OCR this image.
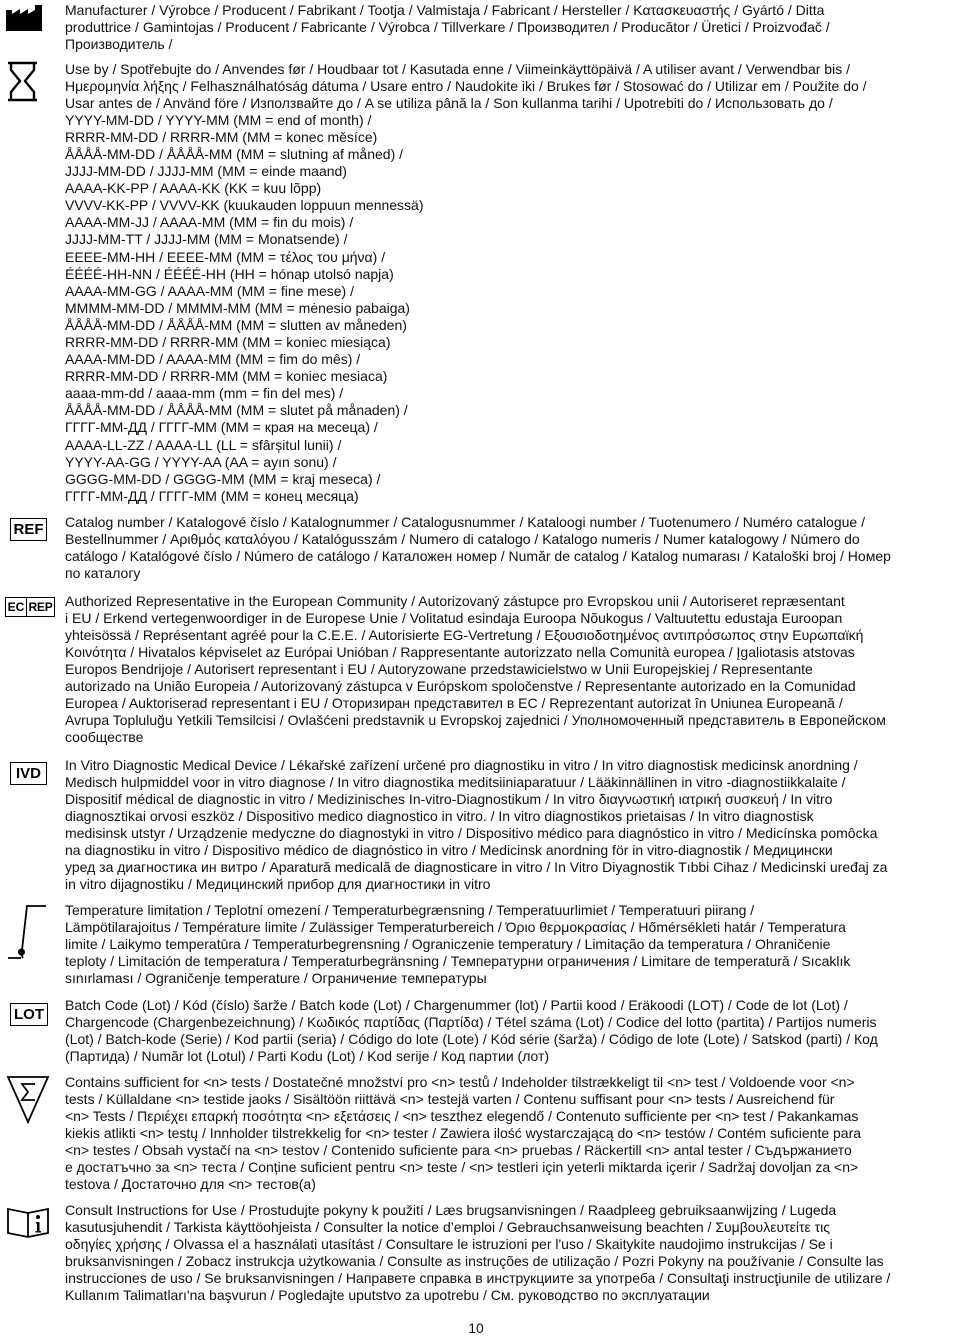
REF
EC REP
IVD
LOT
Manufacturer / Výrobce / Producent / Fabrikant / Tootja / Valmistaja / Fabricant / Hersteller / Κατασκευαστής / Gyártó / Ditta
produttrice / Gamintojas / Producent / Fabricante / Výrobca / Tillverkare / Производител / Producător / Üretici / Proizvođač /
Производитель /
Use by / Spotřebujte do / Anvendes før / Houdbaar tot / Kasutada enne / Viimeinkäyttöpäivä / A utiliser avant / Verwendbar bis /
Ημερομηνία λήξης / Felhasználhatóság dátuma / Usare entro / Naudokite iki / Brukes før / Stosować do / Utilizar em / Použite do /
Usar antes de / Använd före / Използвайте до / A se utiliza până la / Son kullanma tarihi / Upotrebiti do / Использовать до /
YYYY-MM-DD / YYYY-MM (MM = end of month) /
RRRR-MM-DD / RRRR-MM (MM = konec měsíce)
ÅÅÅÅ-MM-DD / ÅÅÅÅ-MM (MM = slutning af måned) /
JJJJ-MM-DD / JJJJ-MM (MM = einde maand)
AAAA-KK-PP / AAAA-KK (KK = kuu lõpp)
VVVV-KK-PP / VVVV-KK (kuukauden loppuun mennessä)
AAAA-MM-JJ / AAAA-MM (MM = fin du mois) /
JJJJ-MM-TT / JJJJ-MM (MM = Monatsende) /
EEEE-MM-HH / EEEE-MM (MM = τέλος του μήνα) /
ÉÉÉÉ-HH-NN / ÉÉÉÉ-HH (HH = hónap utolsó napja)
AAAA-MM-GG / AAAA-MM (MM = fine mese) /
MMMM-MM-DD / MMMM-MM (MM = mėnesio pabaiga)
ÅÅÅÅ-MM-DD / ÅÅÅÅ-MM (MM = slutten av måneden)
RRRR-MM-DD / RRRR-MM (MM = koniec miesiąca)
AAAA-MM-DD / AAAA-MM (MM = fim do mês) /
RRRR-MM-DD / RRRR-MM (MM = koniec mesiaca)
aaaa-mm-dd / aaaa-mm (mm = fin del mes) /
ÅÅÅÅ-MM-DD / ÅÅÅÅ-MM (MM = slutet på månaden) /
ГГГГ-ММ-ДД / ГГГГ-ММ (ММ = края на месеца) /
AAAA-LL-ZZ / AAAA-LL (LL = sfârșitul lunii) /
YYYY-AA-GG / YYYY-AA (AA = ayın sonu) /
GGGG-MM-DD / GGGG-MM (MM = kraj meseca) /
ГГГГ-ММ-ДД / ГГГГ-ММ (ММ = конец месяца)
Catalog number / Katalogové číslo / Katalognummer / Catalogusnummer / Kataloogi number / Tuotenumero / Numéro catalogue /
Bestellnummer / Αριθμός καταλόγου / Katalógusszám / Numero di catalogo / Katalogo numeris / Numer katalogowy / Número do
catálogo / Katalógové číslo / Número de catálogo / Каталожен номер / Număr de catalog / Katalog numarası / Kataloški broj / Номер
по каталогу
Authorized Representative in the European Community / Autorizovaný zástupce pro Evropskou unii / Autoriseret repræsentant
i EU / Erkend vertegenwoordiger in de Europese Unie / Volitatud esindaja Euroopa Nõukogus / Valtuutettu edustaja Euroopan
yhteisössä / Représentant agréé pour la C.E.E. / Autorisierte EG-Vertretung / Εξουσιοδοτημένος αντιπρόσωπος στην Ευρωπαϊκή
Κοινότητα / Hivatalos képviselet az Európai Unióban / Rappresentante autorizzato nella Comunità europea / Įgaliotasis atstovas
Europos Bendrijoje / Autorisert representant i EU / Autoryzowane przedstawicielstwo w Unii Europejskiej / Representante
autorizado na União Europeia / Autorizovaný zástupca v Európskom spoločenstve / Representante autorizado en la Comunidad
Europea / Auktoriserad representant i EU / Оторизиран представител в ЕС / Reprezentant autorizat în Uniunea Europeană /
Avrupa Topluluğu Yetkili Temsilcisi / Ovlašćeni predstavnik u Evropskoj zajednici / Уполномоченный представитель в Европейском
сообществе
In Vitro Diagnostic Medical Device / Lékařské zařízení určené pro diagnostiku in vitro / In vitro diagnostisk medicinsk anordning /
Medisch hulpmiddel voor in vitro diagnose / In vitro diagnostika meditsiiniaparatuur / Lääkinnällinen in vitro -diagnostiikkalaite /
Dispositif médical de diagnostic in vitro / Medizinisches In-vitro-Diagnostikum / In vitro διαγνωστική ιατρική συσκευή / In vitro
diagnosztikai orvosi eszköz / Dispositivo medico diagnostico in vitro. / In vitro diagnostikos prietaisas / In vitro diagnostisk
medisinsk utstyr / Urządzenie medyczne do diagnostyki in vitro / Dispositivo médico para diagnóstico in vitro / Medicínska pomôcka
na diagnostiku in vitro / Dispositivo médico de diagnóstico in vitro / Medicinsk anordning för in vitro-diagnostik / Медицински
уред за диагностика ин витро / Aparatură medicală de diagnosticare in vitro / In Vitro Diyagnostik Tıbbi Cihaz / Medicinski uređaj za
in vitro dijagnostiku / Медицинский прибор для диагностики in vitro
Temperature limitation / Teplotní omezení / Temperaturbegrænsning / Temperatuurlimiet / Temperatuuri piirang /
Lämpötilarajoitus / Température limite / Zulässiger Temperaturbereich / Όριο θερμοκρασίας / Hőmérsékleti határ / Temperatura
limite / Laikymo temperatūra / Temperaturbegrensning / Ograniczenie temperatury / Limitação da temperatura / Ohraničenie
teploty / Limitación de temperatura / Temperaturbegränsning / Температурни ограничения / Limitare de temperatură / Sıcaklık
sınırlaması / Ograničenje temperature / Ограничение температуры
Batch Code (Lot) / Kód (číslo) šarže / Batch kode (Lot) / Chargenummer (lot) / Partii kood / Eräkoodi (LOT) / Code de lot (Lot) /
Chargencode (Chargenbezeichnung) / Κωδικός παρτίδας (Παρτίδα) / Tétel száma (Lot) / Codice del lotto (partita) / Partijos numeris
(Lot) / Batch-kode (Serie) / Kod partii (seria) / Código do lote (Lote) / Kód série (šarža) / Código de lote (Lote) / Satskod (parti) / Код
(Партида) / Număr lot (Lotul) / Parti Kodu (Lot) / Kod serije / Код партии (лот)
Contains sufficient for <n> tests / Dostatečné množství pro <n> testů / Indeholder tilstrækkeligt til <n> test / Voldoende voor <n>
tests / Küllaldane <n> testide jaoks / Sisältöön riittävä <n> testejä varten / Contenu suffisant pour <n> tests / Ausreichend für
<n> Tests / Περιέχει επαρκή ποσότητα <n> εξετάσεις / <n> teszthez elegendő / Contenuto sufficiente per <n> test / Pakankamas
kiekis atlikti <n> testų / Innholder tilstrekkelig for <n> tester / Zawiera ilość wystarczającą do <n> testów / Contém suficiente para
<n> testes / Obsah vystačí na <n> testov / Contenido suficiente para <n> pruebas / Räckertill <n> antal tester / Съдържанието
е достатъчно за <n> теста / Conține suficient pentru <n> teste / <n> testleri için yeterli miktarda içerir / Sadržaj dovoljan za <n>
testova / Достаточно для <n> тестов(а)
Consult Instructions for Use / Prostudujte pokyny k použití / Læs brugsanvisningen / Raadpleeg gebruiksaanwijzing / Lugeda
kasutusjuhendit / Tarkista käyttöohjeista / Consulter la notice d’emploi / Gebrauchsanweisung beachten / Συμβουλευτείτε τις
οδηγίες χρήσης / Olvassa el a használati utasítást / Consultare le istruzioni per l'uso / Skaitykite naudojimo instrukcijas / Se i
bruksanvisningen / Zobacz instrukcja użytkowania / Consulte as instruções de utilização / Pozri Pokyny na používanie / Consulte las
instrucciones de uso / Se bruksanvisningen / Направете справка в инструкциите за употреба / Consultaţi instrucţiunile de utilizare /
Kullanım Talimatları'na başvurun / Pogledajte uputstvo za upotrebu / См. руководство по эксплуатации
10
